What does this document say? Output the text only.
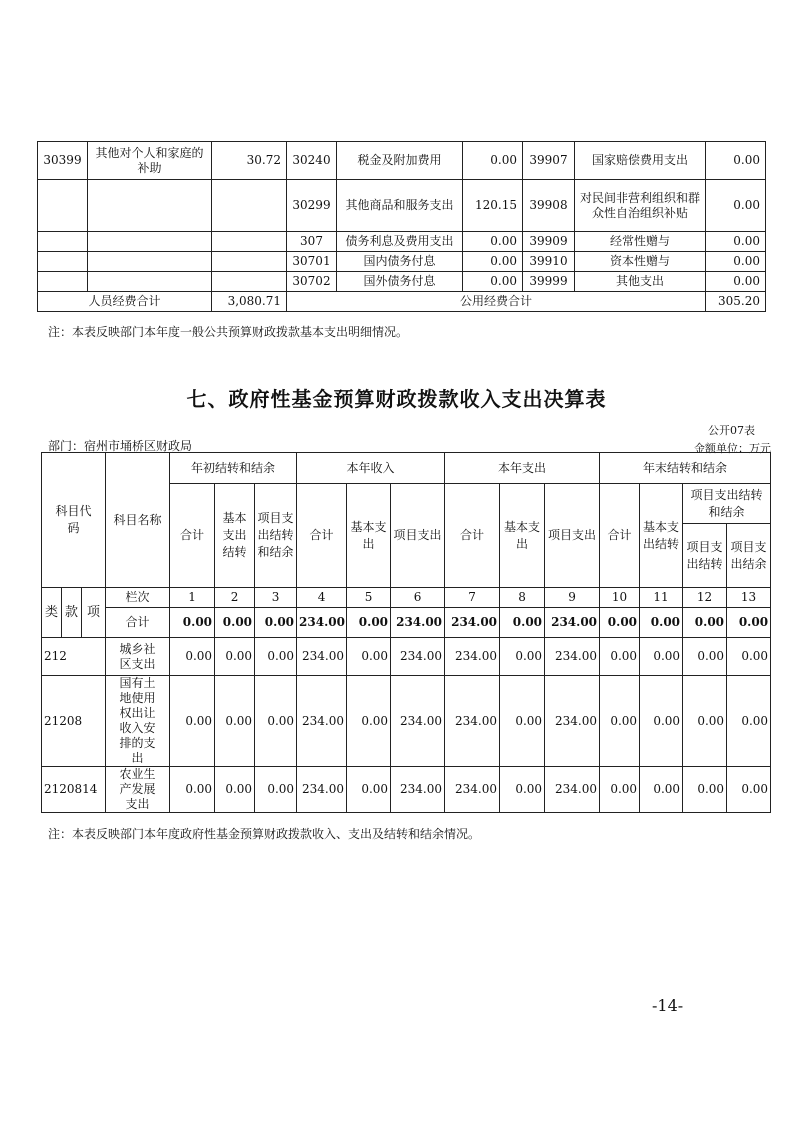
30399	其他对个人和家庭的补助	30.72	30240	税金及附加费用	0.00	39907	国家赔偿费用支出	0.00
			30299	其他商品和服务支出	120.15	39908	对民间非营利组织和群众性自治组织补贴	0.00
			307	债务利息及费用支出	0.00	39909	经常性赠与	0.00
			30701	国内债务付息	0.00	39910	资本性赠与	0.00
			30702	国外债务付息	0.00	39999	其他支出	0.00
人员经费合计		3,080.71	公用经费合计					305.20
注：本表反映部门本年度一般公共预算财政拨款基本支出明细情况。
七、政府性基金预算财政拨款收入支出决算表
公开07表
部门：宿州市埇桥区财政局	金额单位：万元
科目代码			科目名称	年初结转和结余			本年收入			本年支出			年末结转和结余			
				合计	基本支出结转	项目支出结转和结余	合计	基本支出	项目支出	合计	基本支出	项目支出	合计	基本支出结转	项目支出结转和结余	
															项目支出结转	项目支出结余
类	款	项	栏次	1	2	3	4	5	6	7	8	9	10	11	12	13
			合计	0.00	0.00	0.00	234.00	0.00	234.00	234.00	0.00	234.00	0.00	0.00	0.00	0.00
212			城乡社区支出	0.00	0.00	0.00	234.00	0.00	234.00	234.00	0.00	234.00	0.00	0.00	0.00	0.00
21208			国有土地使用权出让收入安排的支出	0.00	0.00	0.00	234.00	0.00	234.00	234.00	0.00	234.00	0.00	0.00	0.00	0.00
2120814			农业生产发展支出	0.00	0.00	0.00	234.00	0.00	234.00	234.00	0.00	234.00	0.00	0.00	0.00	0.00
注：本表反映部门本年度政府性基金预算财政拨款收入、支出及结转和结余情况。
-14-
